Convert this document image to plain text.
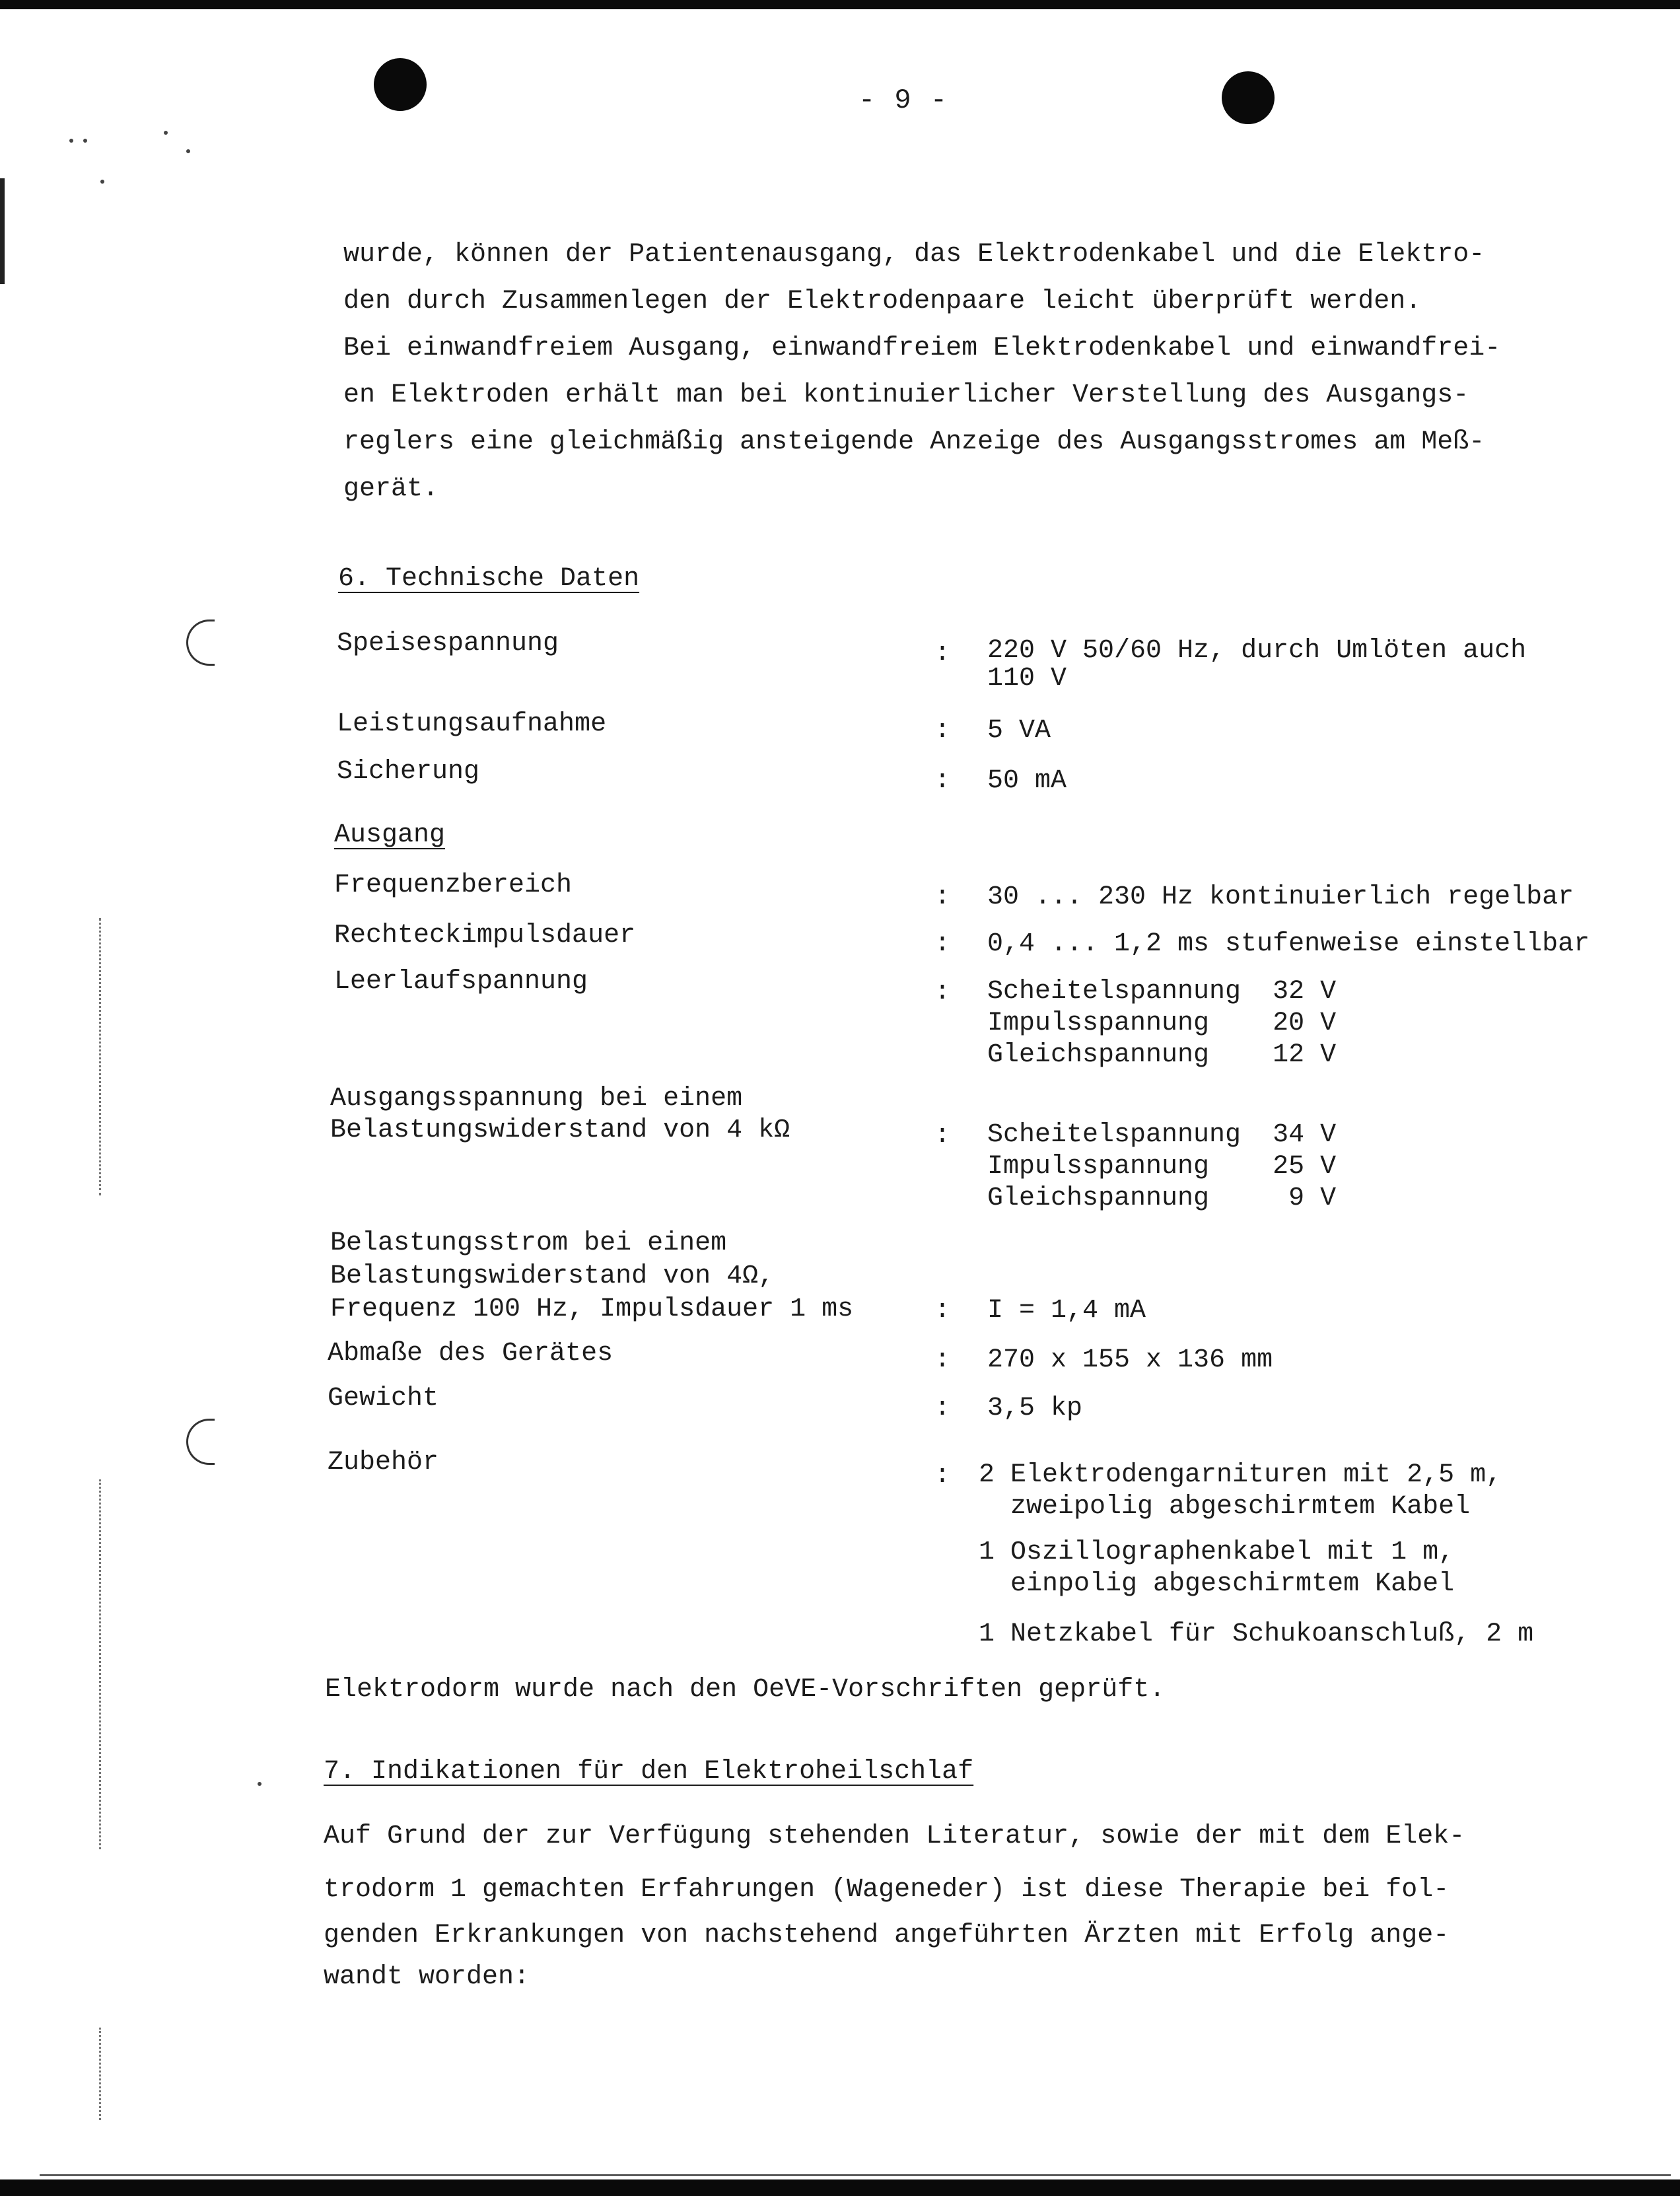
- 9 -
wurde, können der Patientenausgang, das Elektrodenkabel und die Elektro-
den durch Zusammenlegen der Elektrodenpaare leicht überprüft werden.
Bei einwandfreiem Ausgang, einwandfreiem Elektrodenkabel und einwandfrei-
en Elektroden erhält man bei kontinuierlicher Verstellung des Ausgangs-
reglers eine gleichmäßig ansteigende Anzeige des Ausgangsstromes am Meß-
gerät.
6. Technische Daten
Speisespannung	: 220 V 50/60 Hz, durch Umlöten auch
110 V
Leistungsaufnahme	: 5 VA
Sicherung	: 50 mA
Ausgang
Frequenzbereich	: 30 ... 230 Hz kontinuierlich regelbar
Rechteckimpulsdauer	: 0,4 ... 1,2 ms stufenweise einstellbar
Leerlaufspannung	: Scheitelspannung  32 V
Impulsspannung    20 V
Gleichspannung    12 V
Ausgangsspannung bei einem
Belastungswiderstand von 4 kΩ	: Scheitelspannung  34 V
Impulsspannung    25 V
Gleichspannung     9 V
Belastungsstrom bei einem
Belastungswiderstand von 4Ω,
Frequenz 100 Hz, Impulsdauer 1 ms	: I = 1,4 mA
Abmaße des Gerätes	: 270 x 155 x 136 mm
Gewicht	: 3,5 kp
Zubehör	: 2 Elektrodengarnituren mit 2,5 m,
zweipolig abgeschirmtem Kabel
1 Oszillographenkabel mit 1 m,
einpolig abgeschirmtem Kabel
1 Netzkabel für Schukoanschluß, 2 m
Elektrodorm wurde nach den OeVE-Vorschriften geprüft.
7. Indikationen für den Elektroheilschlaf
Auf Grund der zur Verfügung stehenden Literatur, sowie der mit dem Elek-
trodorm 1 gemachten Erfahrungen (Wageneder) ist diese Therapie bei fol-
genden Erkrankungen von nachstehend angeführten Ärzten mit Erfolg ange-
wandt worden:
